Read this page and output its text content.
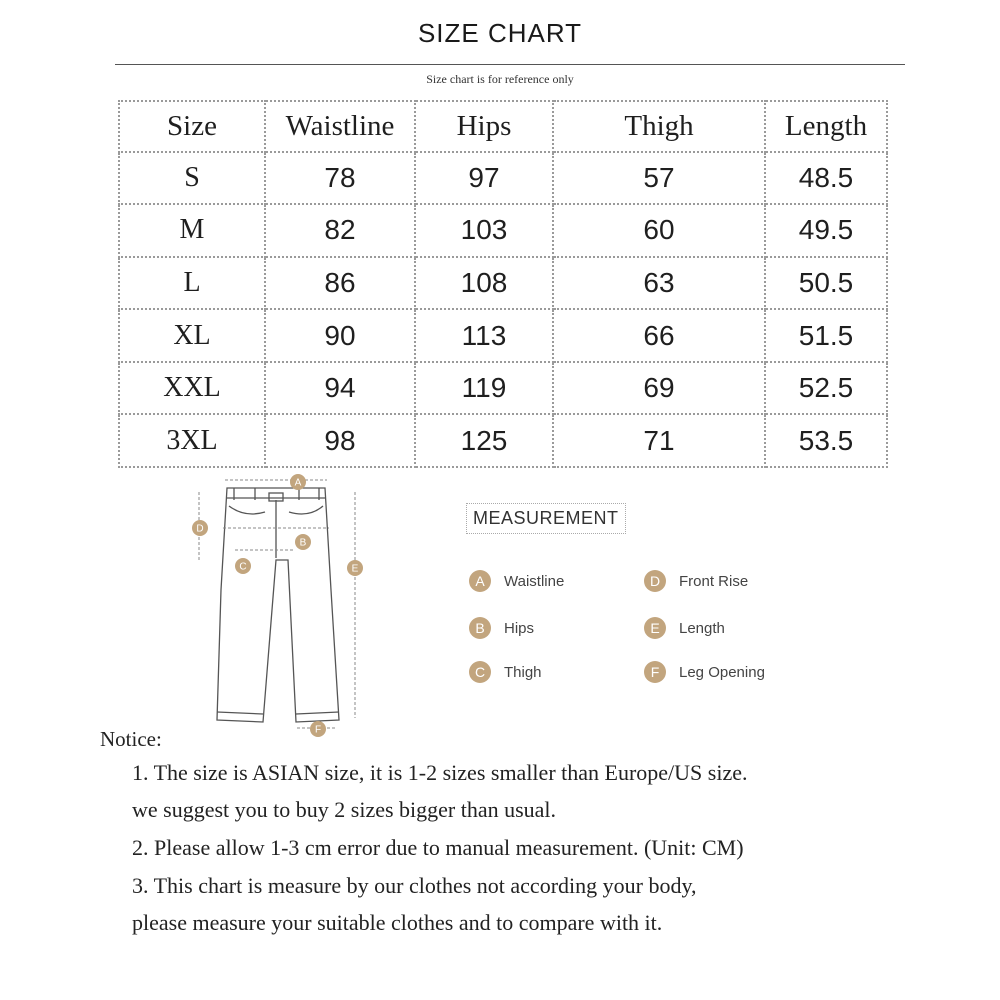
SIZE CHART
Size chart is for reference only
Size	Waistline	Hips	Thigh	Length
S	78	97	57	48.5
M	82	103	60	49.5
L	86	108	63	50.5
XL	90	113	66	51.5
XXL	94	119	69	52.5
3XL	98	125	71	53.5
A
B
C
D
E
F
MEASUREMENT
A	Waistline	D	Front Rise
B	Hips	E	Length
C	Thigh	F	Leg Opening
Notice:
1. The size is ASIAN size, it is 1-2 sizes smaller than Europe/US size.
we suggest you to buy 2 sizes bigger than usual.
2. Please allow 1-3 cm error due to manual measurement. (Unit: CM)
3. This chart is measure by our clothes not according your body,
please measure your suitable clothes and to compare with it.
